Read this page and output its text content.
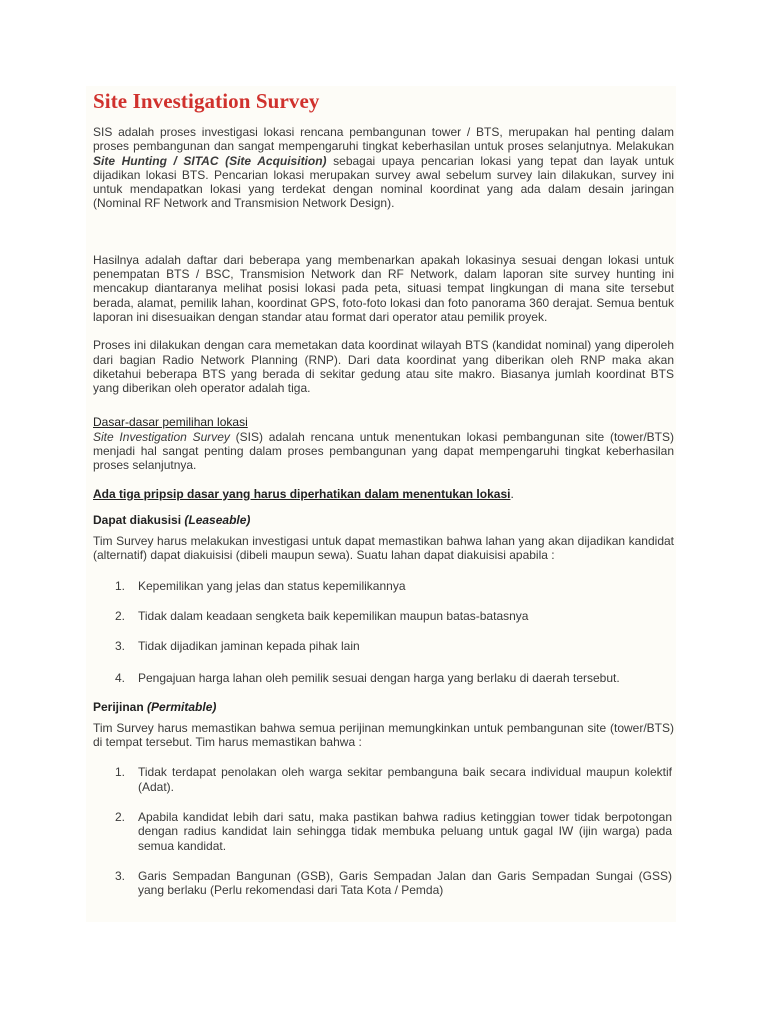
Site Investigation Survey

SIS adalah proses investigasi lokasi rencana pembangunan tower / BTS, merupakan hal penting dalam proses pembangunan dan sangat mempengaruhi tingkat keberhasilan untuk proses selanjutnya. Melakukan Site Hunting / SITAC (Site Acquisition) sebagai upaya pencarian lokasi yang tepat dan layak untuk dijadikan lokasi BTS. Pencarian lokasi merupakan survey awal sebelum survey lain dilakukan, survey ini untuk mendapatkan lokasi yang terdekat dengan nominal koordinat yang ada dalam desain jaringan (Nominal RF Network and Transmision Network Design).

Hasilnya adalah daftar dari beberapa yang membenarkan apakah lokasinya sesuai dengan lokasi untuk penempatan BTS / BSC, Transmision Network dan RF Network, dalam laporan site survey hunting ini mencakup diantaranya melihat posisi lokasi pada peta, situasi tempat lingkungan di mana site tersebut berada, alamat, pemilik lahan, koordinat GPS, foto-foto lokasi dan foto panorama 360 derajat. Semua bentuk laporan ini disesuaikan dengan standar atau format dari operator atau pemilik proyek.

Proses ini dilakukan dengan cara memetakan data koordinat wilayah BTS (kandidat nominal) yang diperoleh dari bagian Radio Network Planning (RNP). Dari data koordinat yang diberikan oleh RNP maka akan diketahui beberapa BTS yang berada di sekitar gedung atau site makro. Biasanya jumlah koordinat BTS yang diberikan oleh operator adalah tiga.

Dasar-dasar pemilihan lokasi

Site Investigation Survey (SIS) adalah rencana untuk menentukan lokasi pembangunan site (tower/BTS) menjadi hal sangat penting dalam proses pembangunan yang dapat mempengaruhi tingkat keberhasilan proses selanjutnya.

Ada tiga pripsip dasar yang harus diperhatikan dalam menentukan lokasi.

Dapat diakusisi (Leaseable)

Tim Survey harus melakukan investigasi untuk dapat memastikan bahwa lahan yang akan dijadikan kandidat (alternatif) dapat diakuisisi (dibeli maupun sewa). Suatu lahan dapat diakuisisi apabila :

1.	Kepemilikan yang jelas dan status kepemilikannya
2.	Tidak dalam keadaan sengketa baik kepemilikan maupun batas-batasnya
3.	Tidak dijadikan jaminan kepada pihak lain
4.	Pengajuan harga lahan oleh pemilik sesuai dengan harga yang berlaku di daerah tersebut.

Perijinan (Permitable)

Tim Survey harus memastikan bahwa semua perijinan memungkinkan untuk pembangunan site (tower/BTS) di tempat tersebut. Tim harus memastikan bahwa :

1.	Tidak terdapat penolakan oleh warga sekitar pembanguna baik secara individual maupun kolektif (Adat).
2.	Apabila kandidat lebih dari satu, maka pastikan bahwa radius ketinggian tower tidak berpotongan dengan radius kandidat lain sehingga tidak membuka peluang untuk gagal IW (ijin warga) pada semua kandidat.
3.	Garis Sempadan Bangunan (GSB), Garis Sempadan Jalan dan Garis Sempadan Sungai (GSS) yang berlaku (Perlu rekomendasi dari Tata Kota / Pemda)
